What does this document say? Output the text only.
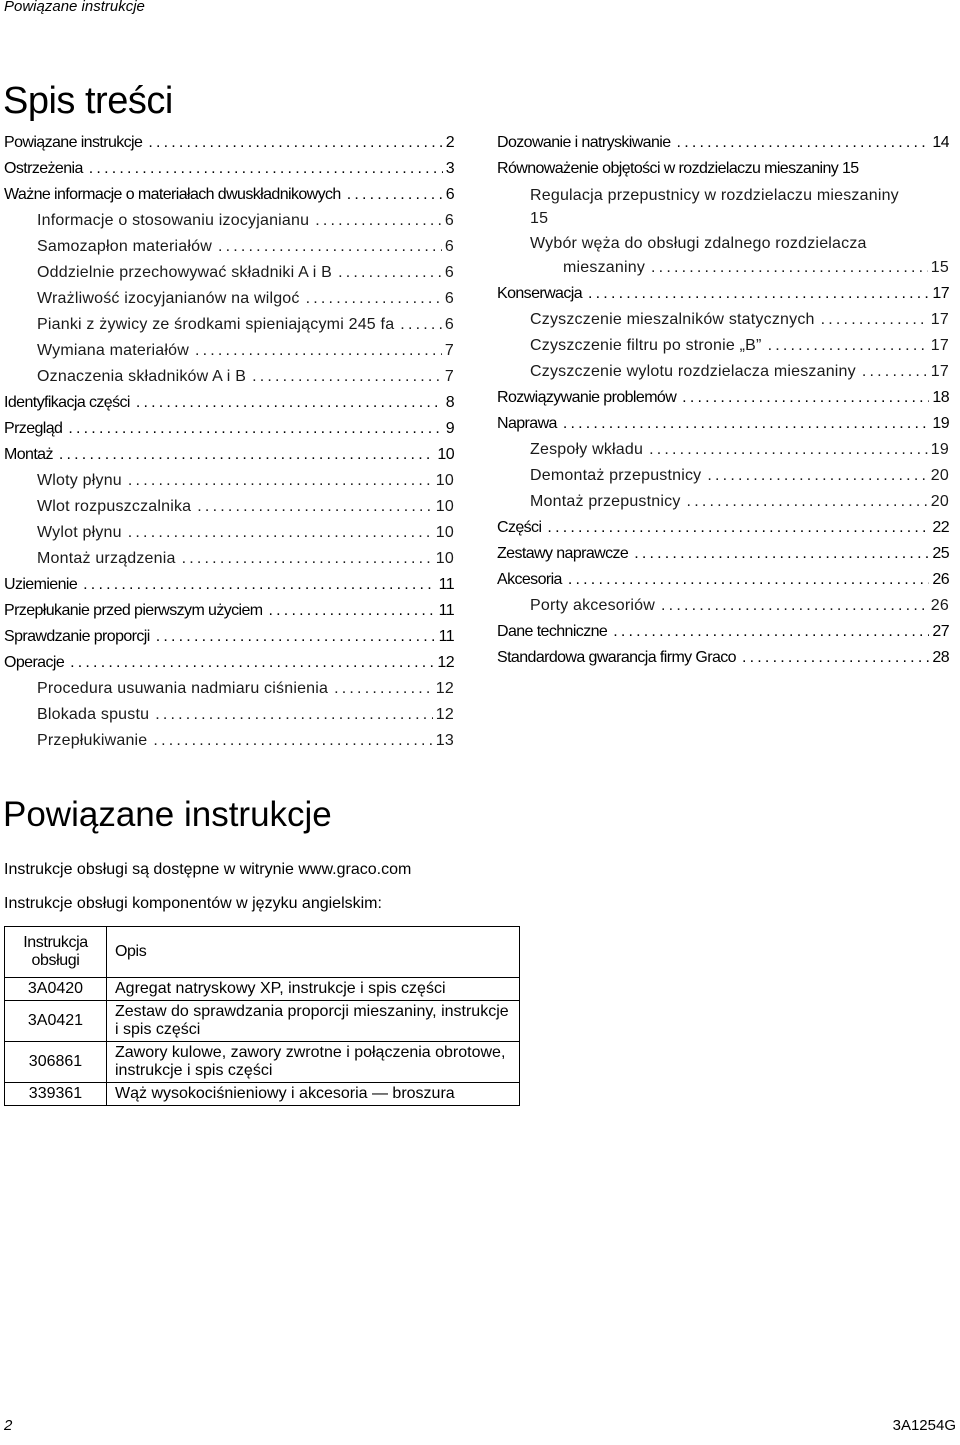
Powiązane instrukcje
Spis treści
Powiązane instrukcje .....	2
Ostrzeżenia .....	3
Ważne informacje o materiałach dwuskładnikowych .....	6
Informacje o stosowaniu izocyjanianu .....	6
Samozapłon materiałów .....	6
Oddzielnie przechowywać składniki A i B .....	6
Wrażliwość izocyjanianów na wilgoć .....	6
Pianki z żywicy ze środkami spieniającymi 245 fa .....	6
Wymiana materiałów .....	7
Oznaczenia składników A i B .....	7
Identyfikacja części .....	8
Przegląd .....	9
Montaż .....	10
Wloty płynu .....	10
Wlot rozpuszczalnika .....	10
Wylot płynu .....	10
Montaż urządzenia .....	10
Uziemienie .....	11
Przepłukanie przed pierwszym użyciem .....	11
Sprawdzanie proporcji .....	11
Operacje .....	12
Procedura usuwania nadmiaru ciśnienia .....	12
Blokada spustu .....	12
Przepłukiwanie .....	13
Dozowanie i natryskiwanie .....	14
Równoważenie objętości w rozdzielaczu mieszaniny 15
Regulacja przepustnicy w rozdzielaczu mieszaniny
15
Wybór węża do obsługi zdalnego rozdzielacza
mieszaniny .....	15
Konserwacja .....	17
Czyszczenie mieszalników statycznych .....	17
Czyszczenie filtru po stronie „B” .....	17
Czyszczenie wylotu rozdzielacza mieszaniny .....	17
Rozwiązywanie problemów .....	18
Naprawa .....	19
Zespoły wkładu .....	19
Demontaż przepustnicy .....	20
Montaż przepustnicy .....	20
Części .....	22
Zestawy naprawcze .....	25
Akcesoria .....	26
Porty akcesoriów .....	26
Dane techniczne .....	27
Standardowa gwarancja firmy Graco .....	28
Powiązane instrukcje
Instrukcje obsługi są dostępne w witrynie www.graco.com
Instrukcje obsługi komponentów w języku angielskim:
Instrukcja obsługi	Opis
3A0420	Agregat natryskowy XP, instrukcje i spis części
3A0421	Zestaw do sprawdzania proporcji mieszaniny, instrukcje i spis części
306861	Zawory kulowe, zawory zwrotne i połączenia obrotowe, instrukcje i spis części
339361	Wąż wysokociśnieniowy i akcesoria — broszura
2	3A1254G
